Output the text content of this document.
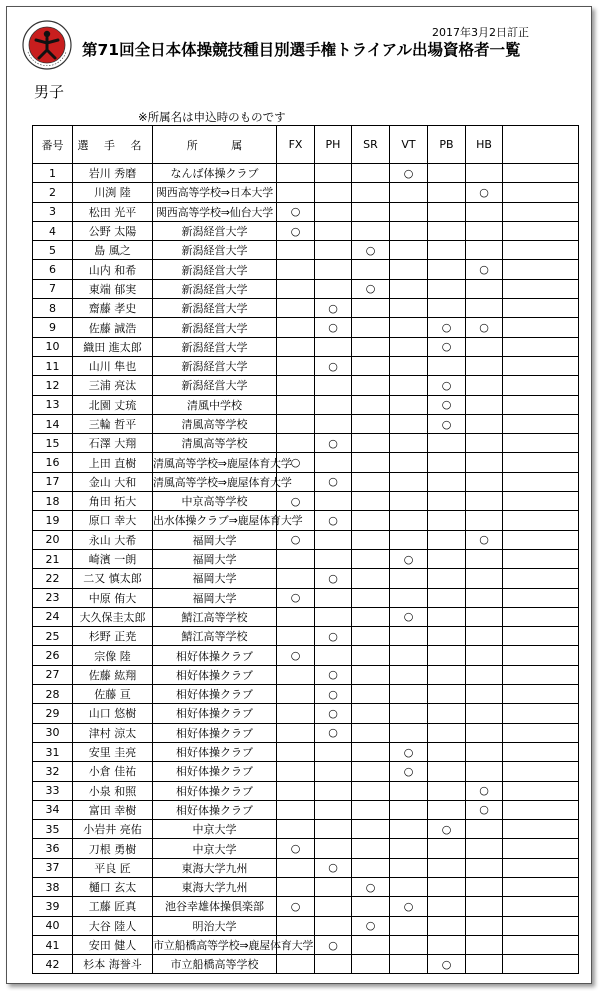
2017年3月2日訂正
第71回全日本体操競技種目別選手権トライアル出場資格者一覧
男子
※所属名は申込時のものです
番号	選 手 名	所 属	FX	PH	SR	VT	PB	HB	
1	岩川 秀磨	なんば体操クラブ				○			
2	川渕 陸	関西高等学校⇒日本大学						○	
3	松田 光平	関西高等学校⇒仙台大学	○						
4	公野 太陽	新潟経営大学	○						
5	島 風之	新潟経営大学			○				
6	山内 和希	新潟経営大学						○	
7	東端 郁実	新潟経営大学			○				
8	齋藤 孝史	新潟経営大学		○					
9	佐藤 誠浩	新潟経営大学		○			○	○	
10	織田 進太郎	新潟経営大学					○		
11	山川 隼也	新潟経営大学		○					
12	三浦 亮汰	新潟経営大学					○		
13	北園 丈琉	清風中学校					○		
14	三輪 哲平	清風高等学校					○		
15	石澤 大翔	清風高等学校		○					
16	上田 直樹	清風高等学校⇒鹿屋体育大学	○						
17	金山 大和	清風高等学校⇒鹿屋体育大学		○					
18	角田 拓大	中京高等学校	○						
19	原口 幸大	出水体操クラブ⇒鹿屋体育大学		○					
20	永山 大希	福岡大学	○					○	
21	崎濱 一朗	福岡大学				○			
22	二又 慎太郎	福岡大学		○					
23	中原 侑大	福岡大学	○						
24	大久保圭太郎	鯖江高等学校				○			
25	杉野 正尭	鯖江高等学校		○					
26	宗像 陸	相好体操クラブ	○						
27	佐藤 紘翔	相好体操クラブ		○					
28	佐藤 亘	相好体操クラブ		○					
29	山口 悠樹	相好体操クラブ		○					
30	津村 涼太	相好体操クラブ		○					
31	安里 圭亮	相好体操クラブ				○			
32	小倉 佳祐	相好体操クラブ				○			
33	小泉 和照	相好体操クラブ						○	
34	富田 幸樹	相好体操クラブ						○	
35	小岩井 亮佑	中京大学					○		
36	刀根 勇樹	中京大学	○						
37	平良 匠	東海大学九州		○					
38	樋口 玄太	東海大学九州			○				
39	工藤 匠真	池谷幸雄体操倶楽部	○			○			
40	大谷 陸人	明治大学			○				
41	安田 健人	市立船橋高等学校⇒鹿屋体育大学		○					
42	杉本 海誉斗	市立船橋高等学校					○		
